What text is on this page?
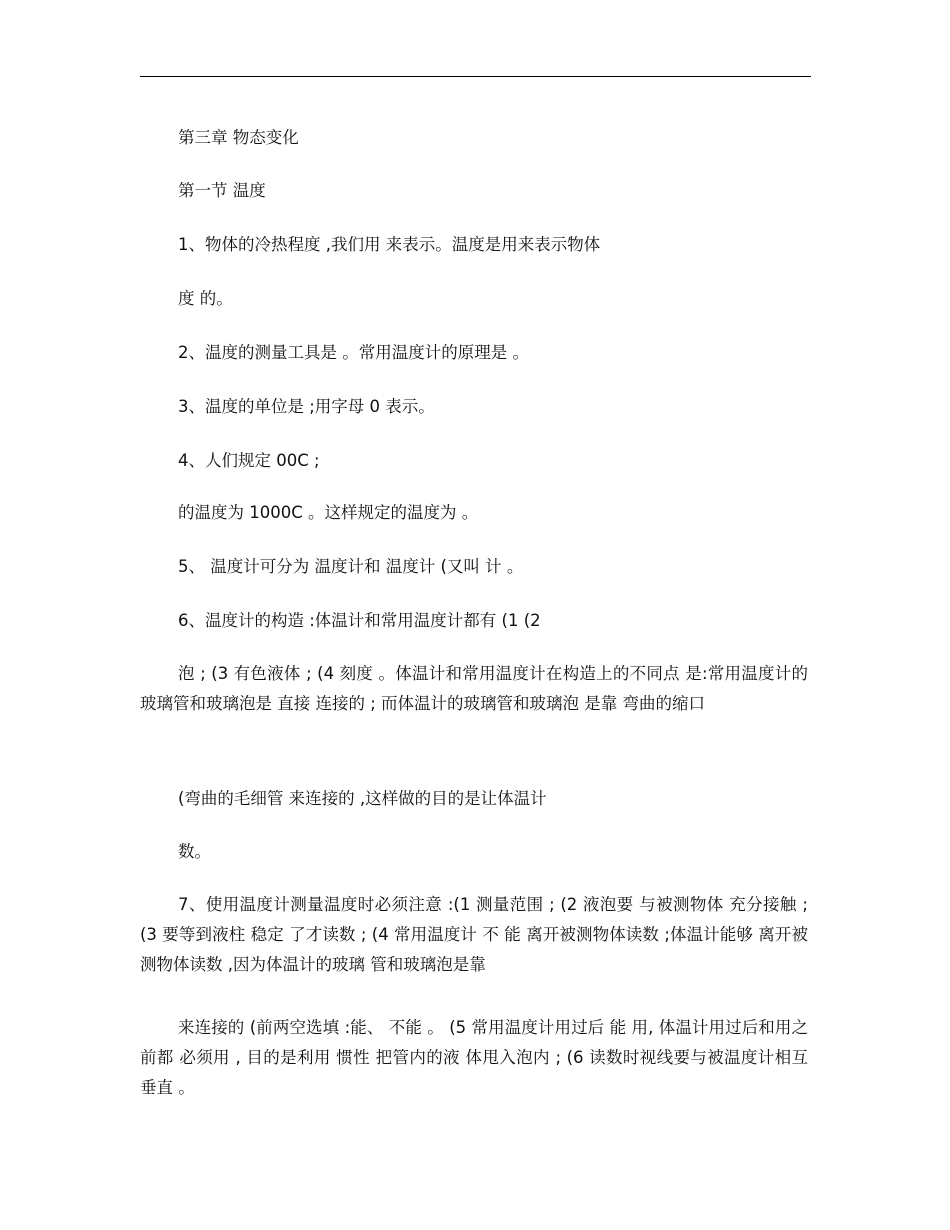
第三章 物态变化
第一节 温度
1、物体的冷热程度 ,我们用 来表示。温度是用来表示物体
度 的。
2、温度的测量工具是 。常用温度计的原理是 。
3、温度的单位是 ;用字母 0 表示。
4、人们规定 00C ;
的温度为 1000C 。这样规定的温度为 。
5、 温度计可分为 温度计和 温度计 (又叫 计 。
6、温度计的构造 :体温计和常用温度计都有 (1 (2
泡 ; (3 有色液体 ; (4 刻度 。体温计和常用温度计在构造上的不同点 是:常用温度计的玻璃管和玻璃泡是 直接 连接的 ; 而体温计的玻璃管和玻璃泡 是靠 弯曲的缩口
(弯曲的毛细管 来连接的 ,这样做的目的是让体温计
数。
7、使用温度计测量温度时必须注意 :(1 测量范围 ; (2 液泡要 与被测物体 充分接触 ; (3 要等到液柱 稳定 了才读数 ; (4 常用温度计 不 能 离开被测物体读数 ;体温计能够 离开被测物体读数 ,因为体温计的玻璃 管和玻璃泡是靠
来连接的 (前两空选填 :能、 不能 。 (5 常用温度计用过后 能 用, 体温计用过后和用之前都 必须用 , 目的是利用 惯性 把管内的液 体甩入泡内 ; (6 读数时视线要与被温度计相互 垂直 。
